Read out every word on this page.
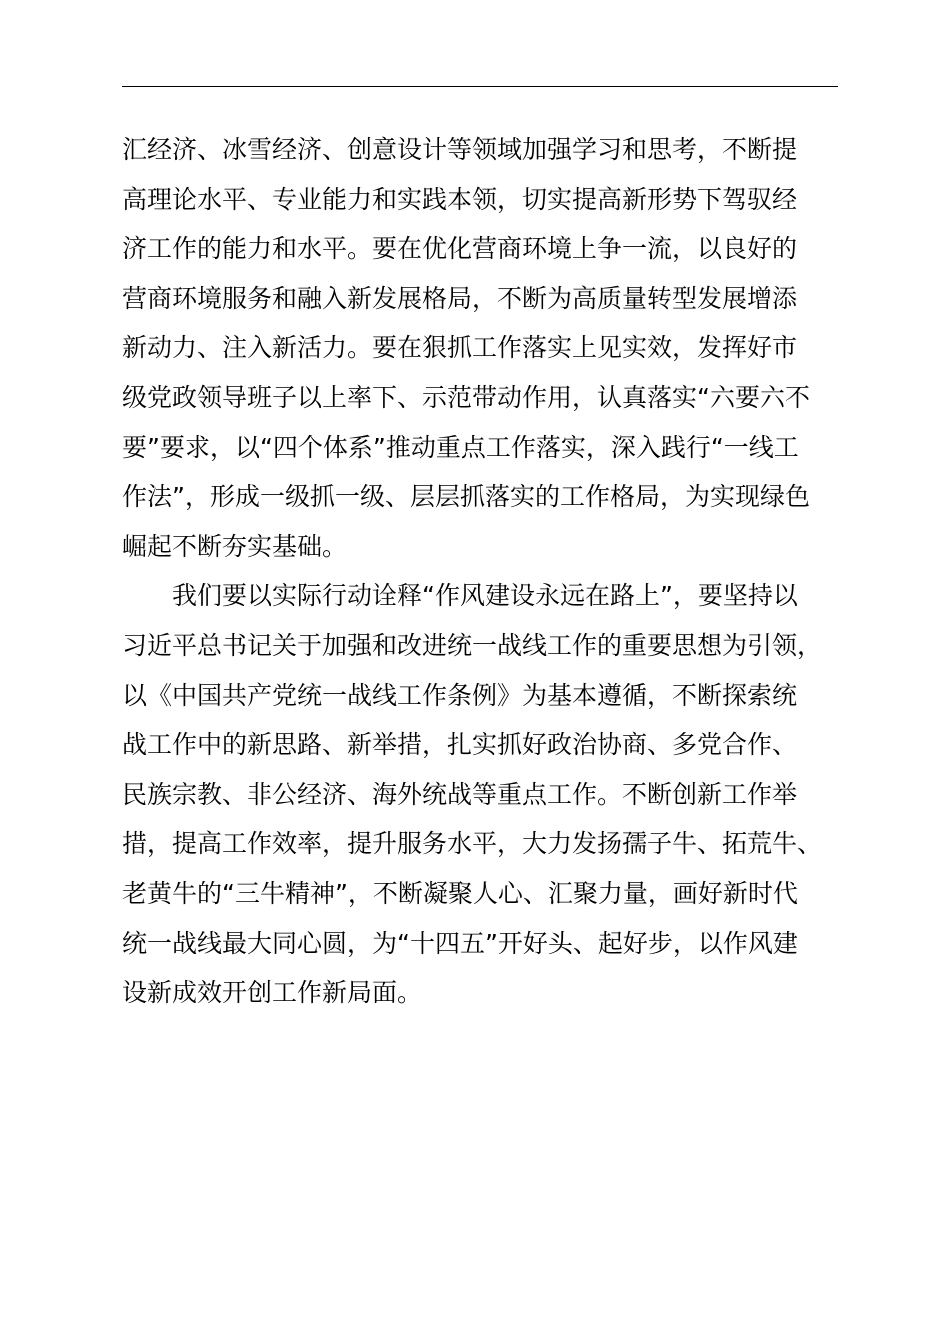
汇经济、冰雪经济、创意设计等领域加强学习和思考，不断提
高理论水平、专业能力和实践本领，切实提高新形势下驾驭经
济工作的能力和水平。要在优化营商环境上争一流，以良好的
营商环境服务和融入新发展格局，不断为高质量转型发展增添
新动力、注入新活力。要在狠抓工作落实上见实效，发挥好市
级党政领导班子以上率下、示范带动作用，认真落实“六要六不
要”要求，以“四个体系”推动重点工作落实，深入践行“一线工
作法”，形成一级抓一级、层层抓落实的工作格局，为实现绿色
崛起不断夯实基础。
我们要以实际行动诠释“作风建设永远在路上”，要坚持以
习近平总书记关于加强和改进统一战线工作的重要思想为引领，
以《中国共产党统一战线工作条例》为基本遵循，不断探索统
战工作中的新思路、新举措，扎实抓好政治协商、多党合作、
民族宗教、非公经济、海外统战等重点工作。不断创新工作举
措，提高工作效率，提升服务水平，大力发扬孺子牛、拓荒牛、
老黄牛的“三牛精神”，不断凝聚人心、汇聚力量，画好新时代
统一战线最大同心圆，为“十四五”开好头、起好步，以作风建
设新成效开创工作新局面。
